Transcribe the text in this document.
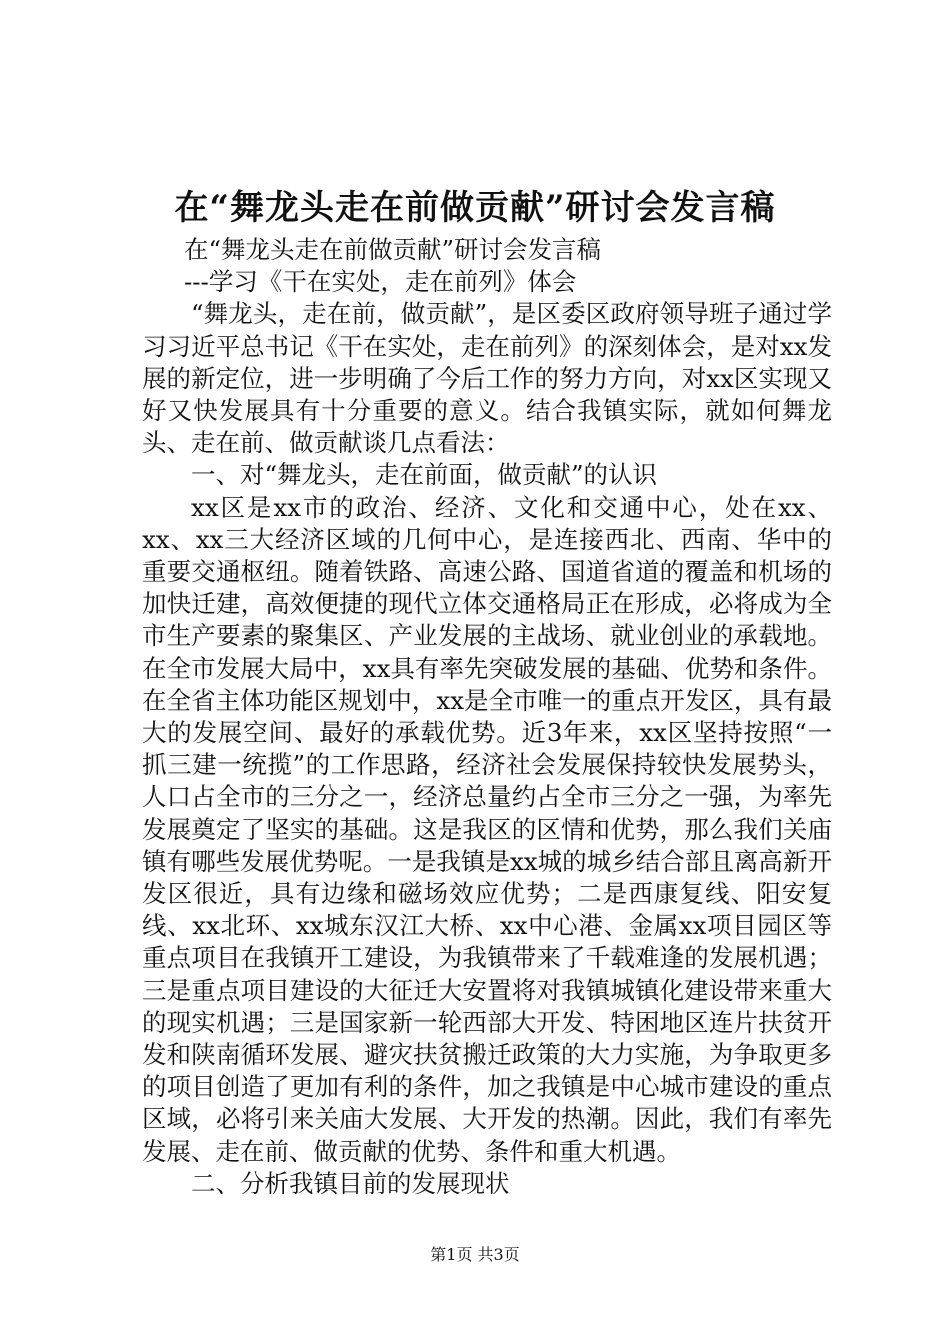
在“舞龙头走在前做贡献”研讨会发言稿

在“舞龙头走在前做贡献”研讨会发言稿

---学习《干在实处，走在前列》体会

“舞龙头，走在前，做贡献”，是区委区政府领导班子通过学习习近平总书记《干在实处，走在前列》的深刻体会，是对xx发展的新定位，进一步明确了今后工作的努力方向，对xx区实现又好又快发展具有十分重要的意义。结合我镇实际，就如何舞龙头、走在前、做贡献谈几点看法：

一、对“舞龙头，走在前面，做贡献”的认识

xx区是xx市的政治、经济、文化和交通中心，处在xx、xx、xx三大经济区域的几何中心，是连接西北、西南、华中的重要交通枢纽。随着铁路、高速公路、国道省道的覆盖和机场的加快迁建，高效便捷的现代立体交通格局正在形成，必将成为全市生产要素的聚集区、产业发展的主战场、就业创业的承载地。在全市发展大局中，xx具有率先突破发展的基础、优势和条件。在全省主体功能区规划中，xx是全市唯一的重点开发区，具有最大的发展空间、最好的承载优势。近3年来，xx区坚持按照“一抓三建一统揽”的工作思路，经济社会发展保持较快发展势头，人口占全市的三分之一，经济总量约占全市三分之一强，为率先发展奠定了坚实的基础。这是我区的区情和优势，那么我们关庙镇有哪些发展优势呢。一是我镇是xx城的城乡结合部且离高新开发区很近，具有边缘和磁场效应优势；二是西康复线、阳安复线、xx北环、xx城东汉江大桥、xx中心港、金属xx项目园区等重点项目在我镇开工建设，为我镇带来了千载难逢的发展机遇；三是重点项目建设的大征迁大安置将对我镇城镇化建设带来重大的现实机遇；三是国家新一轮西部大开发、特困地区连片扶贫开发和陕南循环发展、避灾扶贫搬迁政策的大力实施，为争取更多的项目创造了更加有利的条件，加之我镇是中心城市建设的重点区域，必将引来关庙大发展、大开发的热潮。因此，我们有率先发展、走在前、做贡献的优势、条件和重大机遇。

二、分析我镇目前的发展现状

第1页 共3页
